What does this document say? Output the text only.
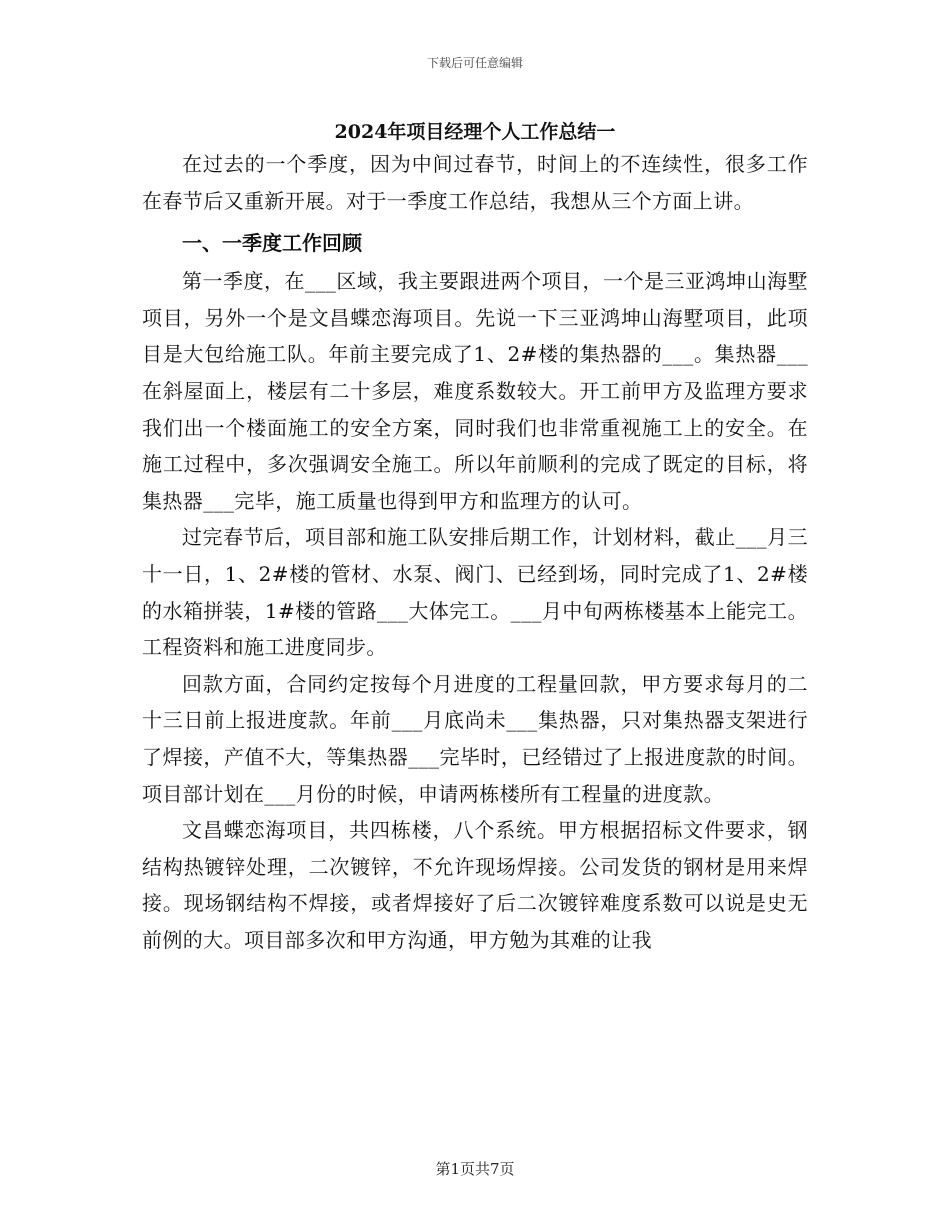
下载后可任意编辑
2024年项目经理个人工作总结一

在过去的一个季度，因为中间过春节，时间上的不连续性，很多工作在春节后又重新开展。对于一季度工作总结，我想从三个方面上讲。

一、一季度工作回顾

第一季度，在___区域，我主要跟进两个项目，一个是三亚鸿坤山海墅项目，另外一个是文昌蝶恋海项目。先说一下三亚鸿坤山海墅项目，此项目是大包给施工队。年前主要完成了1、2#楼的集热器的___。集热器___在斜屋面上，楼层有二十多层，难度系数较大。开工前甲方及监理方要求我们出一个楼面施工的安全方案，同时我们也非常重视施工上的安全。在施工过程中，多次强调安全施工。所以年前顺利的完成了既定的目标，将集热器___完毕，施工质量也得到甲方和监理方的认可。

过完春节后，项目部和施工队安排后期工作，计划材料，截止___月三十一日，1、2#楼的管材、水泵、阀门、已经到场，同时完成了1、2#楼的水箱拼装，1#楼的管路___大体完工。___月中旬两栋楼基本上能完工。工程资料和施工进度同步。

回款方面，合同约定按每个月进度的工程量回款，甲方要求每月的二十三日前上报进度款。年前___月底尚未___集热器，只对集热器支架进行了焊接，产值不大，等集热器___完毕时，已经错过了上报进度款的时间。项目部计划在___月份的时候，申请两栋楼所有工程量的进度款。

文昌蝶恋海项目，共四栋楼，八个系统。甲方根据招标文件要求，钢结构热镀锌处理，二次镀锌，不允许现场焊接。公司发货的钢材是用来焊接。现场钢结构不焊接，或者焊接好了后二次镀锌难度系数可以说是史无前例的大。项目部多次和甲方沟通，甲方勉为其难的让我

第1页共7页
